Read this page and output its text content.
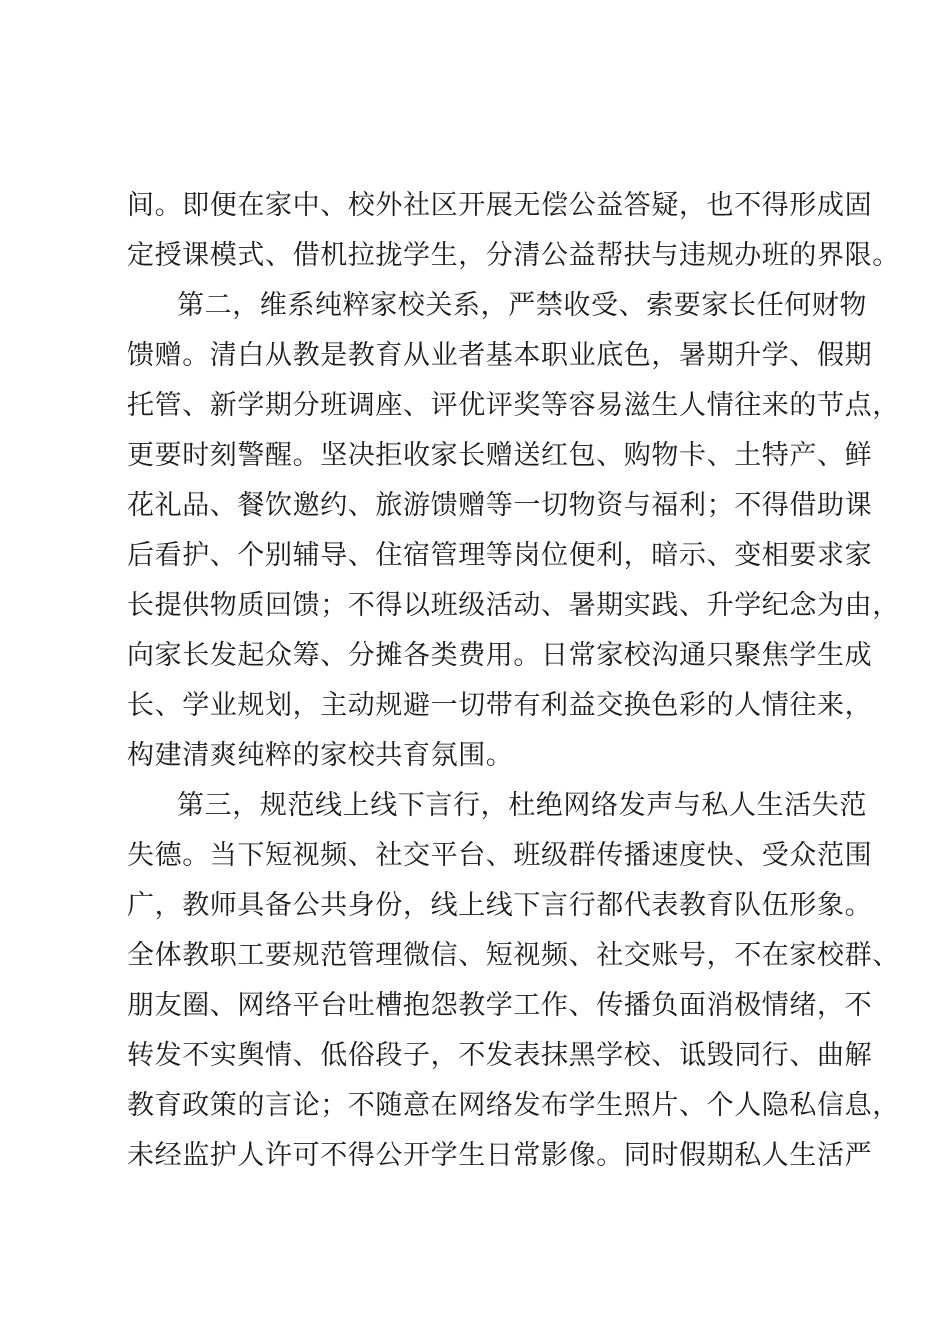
间。即便在家中、校外社区开展无偿公益答疑，也不得形成固
定授课模式、借机拉拢学生，分清公益帮扶与违规办班的界限。
第二，维系纯粹家校关系，严禁收受、索要家长任何财物
馈赠。清白从教是教育从业者基本职业底色，暑期升学、假期
托管、新学期分班调座、评优评奖等容易滋生人情往来的节点，
更要时刻警醒。坚决拒收家长赠送红包、购物卡、土特产、鲜
花礼品、餐饮邀约、旅游馈赠等一切物资与福利；不得借助课
后看护、个别辅导、住宿管理等岗位便利，暗示、变相要求家
长提供物质回馈；不得以班级活动、暑期实践、升学纪念为由，
向家长发起众筹、分摊各类费用。日常家校沟通只聚焦学生成
长、学业规划，主动规避一切带有利益交换色彩的人情往来，
构建清爽纯粹的家校共育氛围。
第三，规范线上线下言行，杜绝网络发声与私人生活失范
失德。当下短视频、社交平台、班级群传播速度快、受众范围
广，教师具备公共身份，线上线下言行都代表教育队伍形象。
全体教职工要规范管理微信、短视频、社交账号，不在家校群、
朋友圈、网络平台吐槽抱怨教学工作、传播负面消极情绪，不
转发不实舆情、低俗段子，不发表抹黑学校、诋毁同行、曲解
教育政策的言论；不随意在网络发布学生照片、个人隐私信息，
未经监护人许可不得公开学生日常影像。同时假期私人生活严
